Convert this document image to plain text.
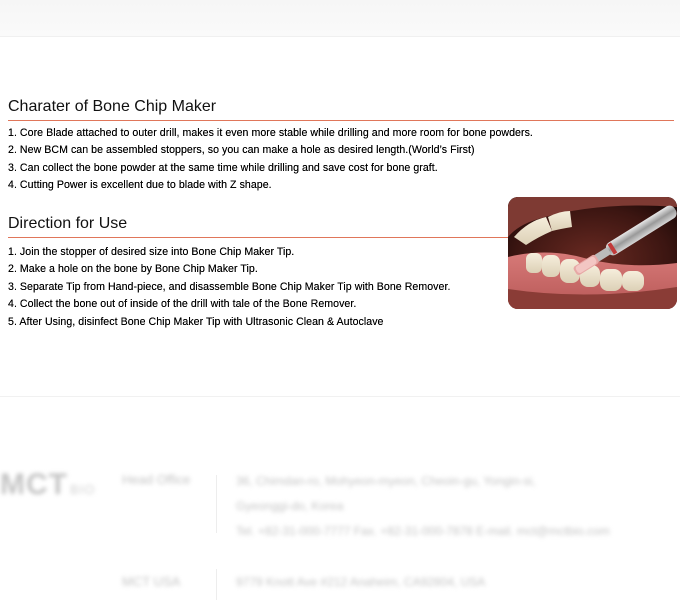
Charater of Bone Chip Maker
1. Core Blade attached to outer drill, makes it even more stable while drilling and more room for bone powders.
2. New BCM can be assembled stoppers, so you can make a hole as desired length.(World’s First)
3. Can collect the bone powder at the same time while drilling and save cost for bone graft.
4. Cutting Power is excellent due to blade with Z shape.
Direction for Use
1. Join the stopper of desired size into Bone Chip Maker Tip.
2. Make a hole on the bone by Bone Chip Maker Tip.
3. Separate Tip from Hand-piece, and disassemble Bone Chip Maker Tip with Bone Remover.
4. Collect the bone out of inside of the drill with tale of the Bone Remover.
5. After Using, disinfect Bone Chip Maker Tip with Ultrasonic Clean & Autoclave
MCT BIO
Head Office	36, Chimdan-ro, Mohyeon-myeon, Cheoin-gu, Yongin-si,
Gyeonggi-do, Korea
Tel. +82-31-000-7777 Fax. +82-31-000-7878 E-mail. mct@mctbio.com
MCT USA	9779 Knott Ave #212 Anaheim, CA92804, USA
